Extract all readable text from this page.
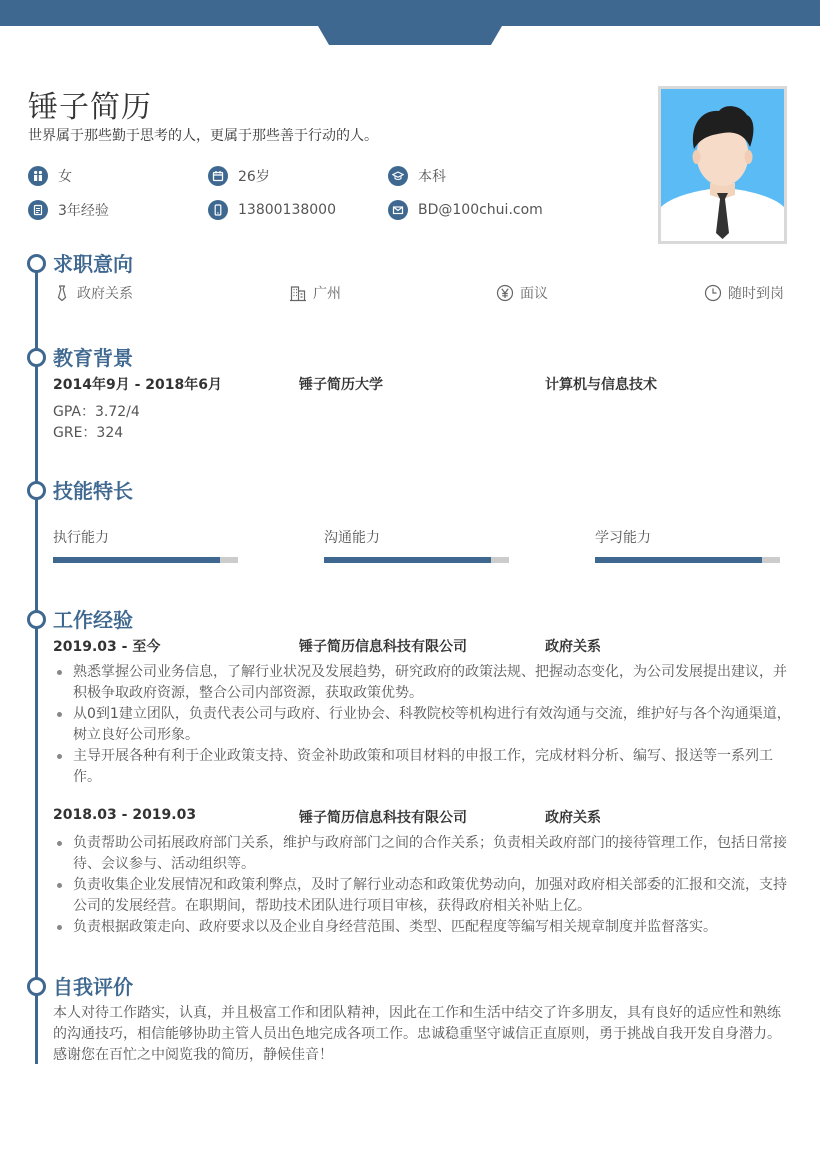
锤子简历
世界属于那些勤于思考的人，更属于那些善于行动的人。
女	26岁	本科
3年经验	13800138000	BD@100chui.com
求职意向
政府关系	广州	面议	随时到岗
教育背景
2014年9月 - 2018年6月	锤子简历大学	计算机与信息技术
GPA：3.72/4
GRE：324
技能特长
执行能力	沟通能力	学习能力
工作经验
2019.03 - 至今	锤子简历信息科技有限公司	政府关系
熟悉掌握公司业务信息，了解行业状况及发展趋势，研究政府的政策法规、把握动态变化，为公司发展提出建议，并积极争取政府资源，整合公司内部资源，获取政策优势。
从0到1建立团队，负责代表公司与政府、行业协会、科教院校等机构进行有效沟通与交流，维护好与各个沟通渠道，树立良好公司形象。
主导开展各种有利于企业政策支持、资金补助政策和项目材料的申报工作，完成材料分析、编写、报送等一系列工 作。
2018.03 - 2019.03	锤子简历信息科技有限公司	政府关系
负责帮助公司拓展政府部门关系，维护与政府部门之间的合作关系；负责相关政府部门的接待管理工作，包括日常接待、会议参与、活动组织等。
负责收集企业发展情况和政策利弊点，及时了解行业动态和政策优势动向，加强对政府相关部委的汇报和交流，支持公司的发展经营。在职期间，帮助技术团队进行项目审核，获得政府相关补贴上亿。
负责根据政策走向、政府要求以及企业自身经营范围、类型、匹配程度等编写相关规章制度并监督落实。
自我评价
本人对待工作踏实，认真，并且极富工作和团队精神，因此在工作和生活中结交了许多朋友，具有良好的适应性和熟练的沟通技巧，相信能够协助主管人员出色地完成各项工作。忠诚稳重坚守诚信正直原则，勇于挑战自我开发自身潜力。感谢您在百忙之中阅览我的简历，静候佳音！
